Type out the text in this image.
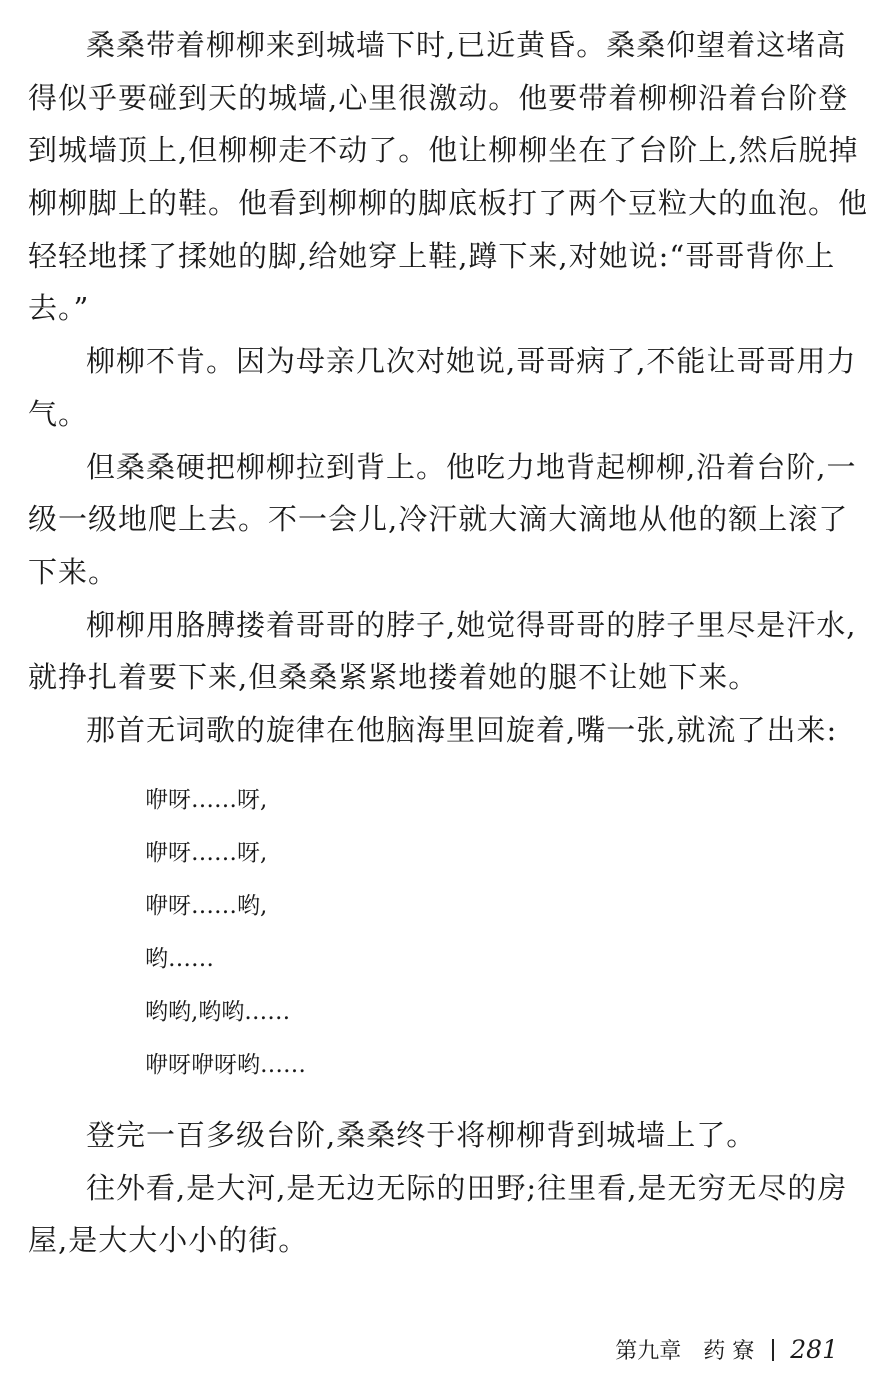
桑桑带着柳柳来到城墙下时,已近黄昏。桑桑仰望着这堵高
得似乎要碰到天的城墙,心里很激动。他要带着柳柳沿着台阶登
到城墙顶上,但柳柳走不动了。他让柳柳坐在了台阶上,然后脱掉
柳柳脚上的鞋。他看到柳柳的脚底板打了两个豆粒大的血泡。他
轻轻地揉了揉她的脚,给她穿上鞋,蹲下来,对她说:“哥哥背你上
去。”
柳柳不肯。因为母亲几次对她说,哥哥病了,不能让哥哥用力
气。
但桑桑硬把柳柳拉到背上。他吃力地背起柳柳,沿着台阶,一
级一级地爬上去。不一会儿,冷汗就大滴大滴地从他的额上滚了
下来。
柳柳用胳膊搂着哥哥的脖子,她觉得哥哥的脖子里尽是汗水,
就挣扎着要下来,但桑桑紧紧地搂着她的腿不让她下来。
那首无词歌的旋律在他脑海里回旋着,嘴一张,就流了出来:
咿呀……呀,
咿呀……呀,
咿呀……哟,
哟……
哟哟,哟哟……
咿呀咿呀哟……
登完一百多级台阶,桑桑终于将柳柳背到城墙上了。
往外看,是大河,是无边无际的田野;往里看,是无穷无尽的房
屋,是大大小小的街。
第九章　药 寮 281
